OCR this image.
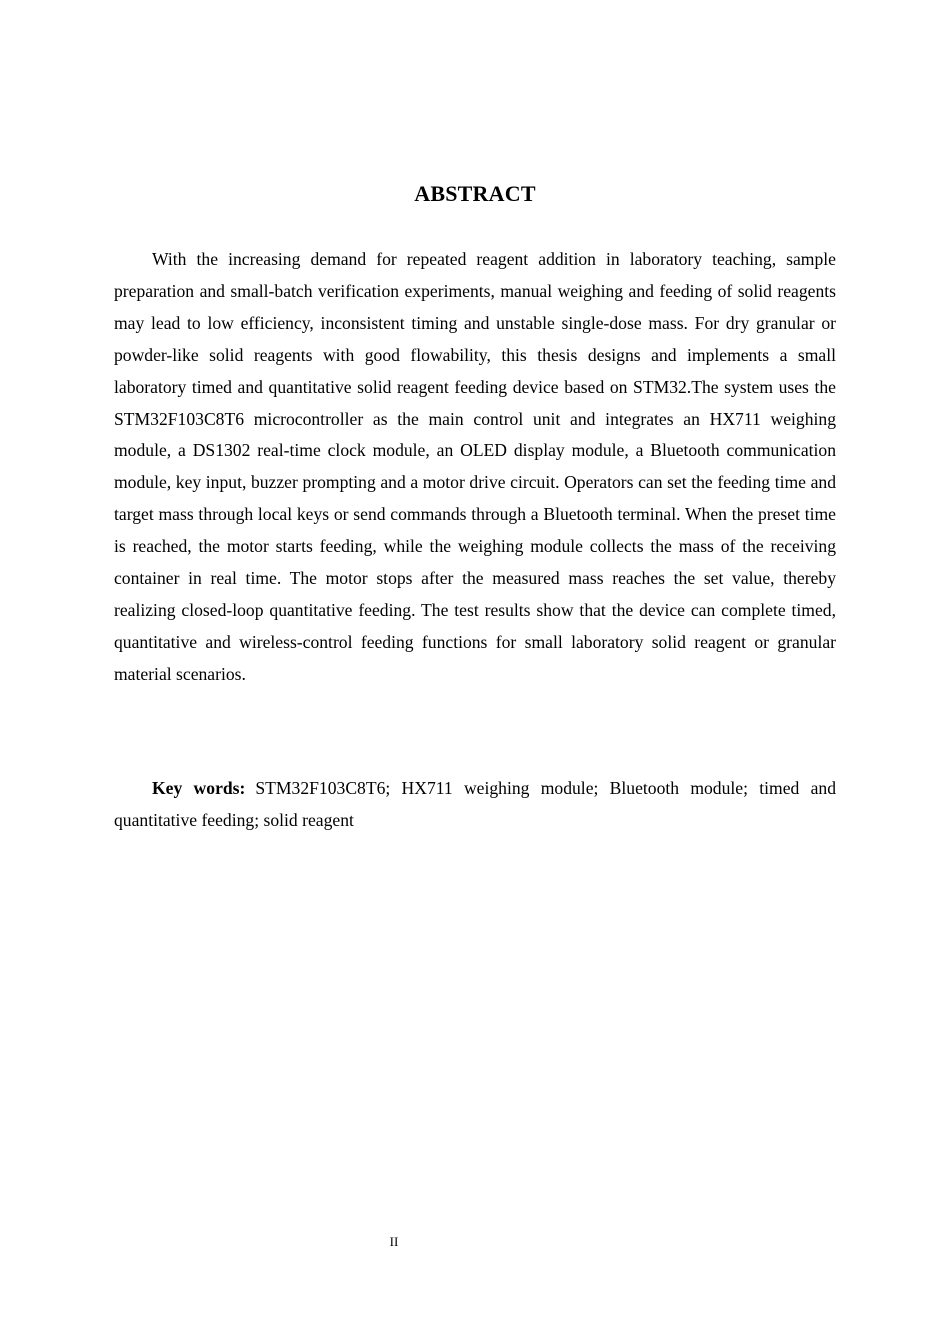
ABSTRACT

With the increasing demand for repeated reagent addition in laboratory teaching, sample preparation and small-batch verification experiments, manual weighing and feeding of solid reagents may lead to low efficiency, inconsistent timing and unstable single-dose mass. For dry granular or powder-like solid reagents with good flowability, this thesis designs and implements a small laboratory timed and quantitative solid reagent feeding device based on STM32.The system uses the STM32F103C8T6 microcontroller as the main control unit and integrates an HX711 weighing module, a DS1302 real-time clock module, an OLED display module, a Bluetooth communication module, key input, buzzer prompting and a motor drive circuit. Operators can set the feeding time and target mass through local keys or send commands through a Bluetooth terminal. When the preset time is reached, the motor starts feeding, while the weighing module collects the mass of the receiving container in real time. The motor stops after the measured mass reaches the set value, thereby realizing closed-loop quantitative feeding. The test results show that the device can complete timed, quantitative and wireless-control feeding functions for small laboratory solid reagent or granular material scenarios.

Key words: STM32F103C8T6; HX711 weighing module; Bluetooth module; timed and quantitative feeding; solid reagent

II
